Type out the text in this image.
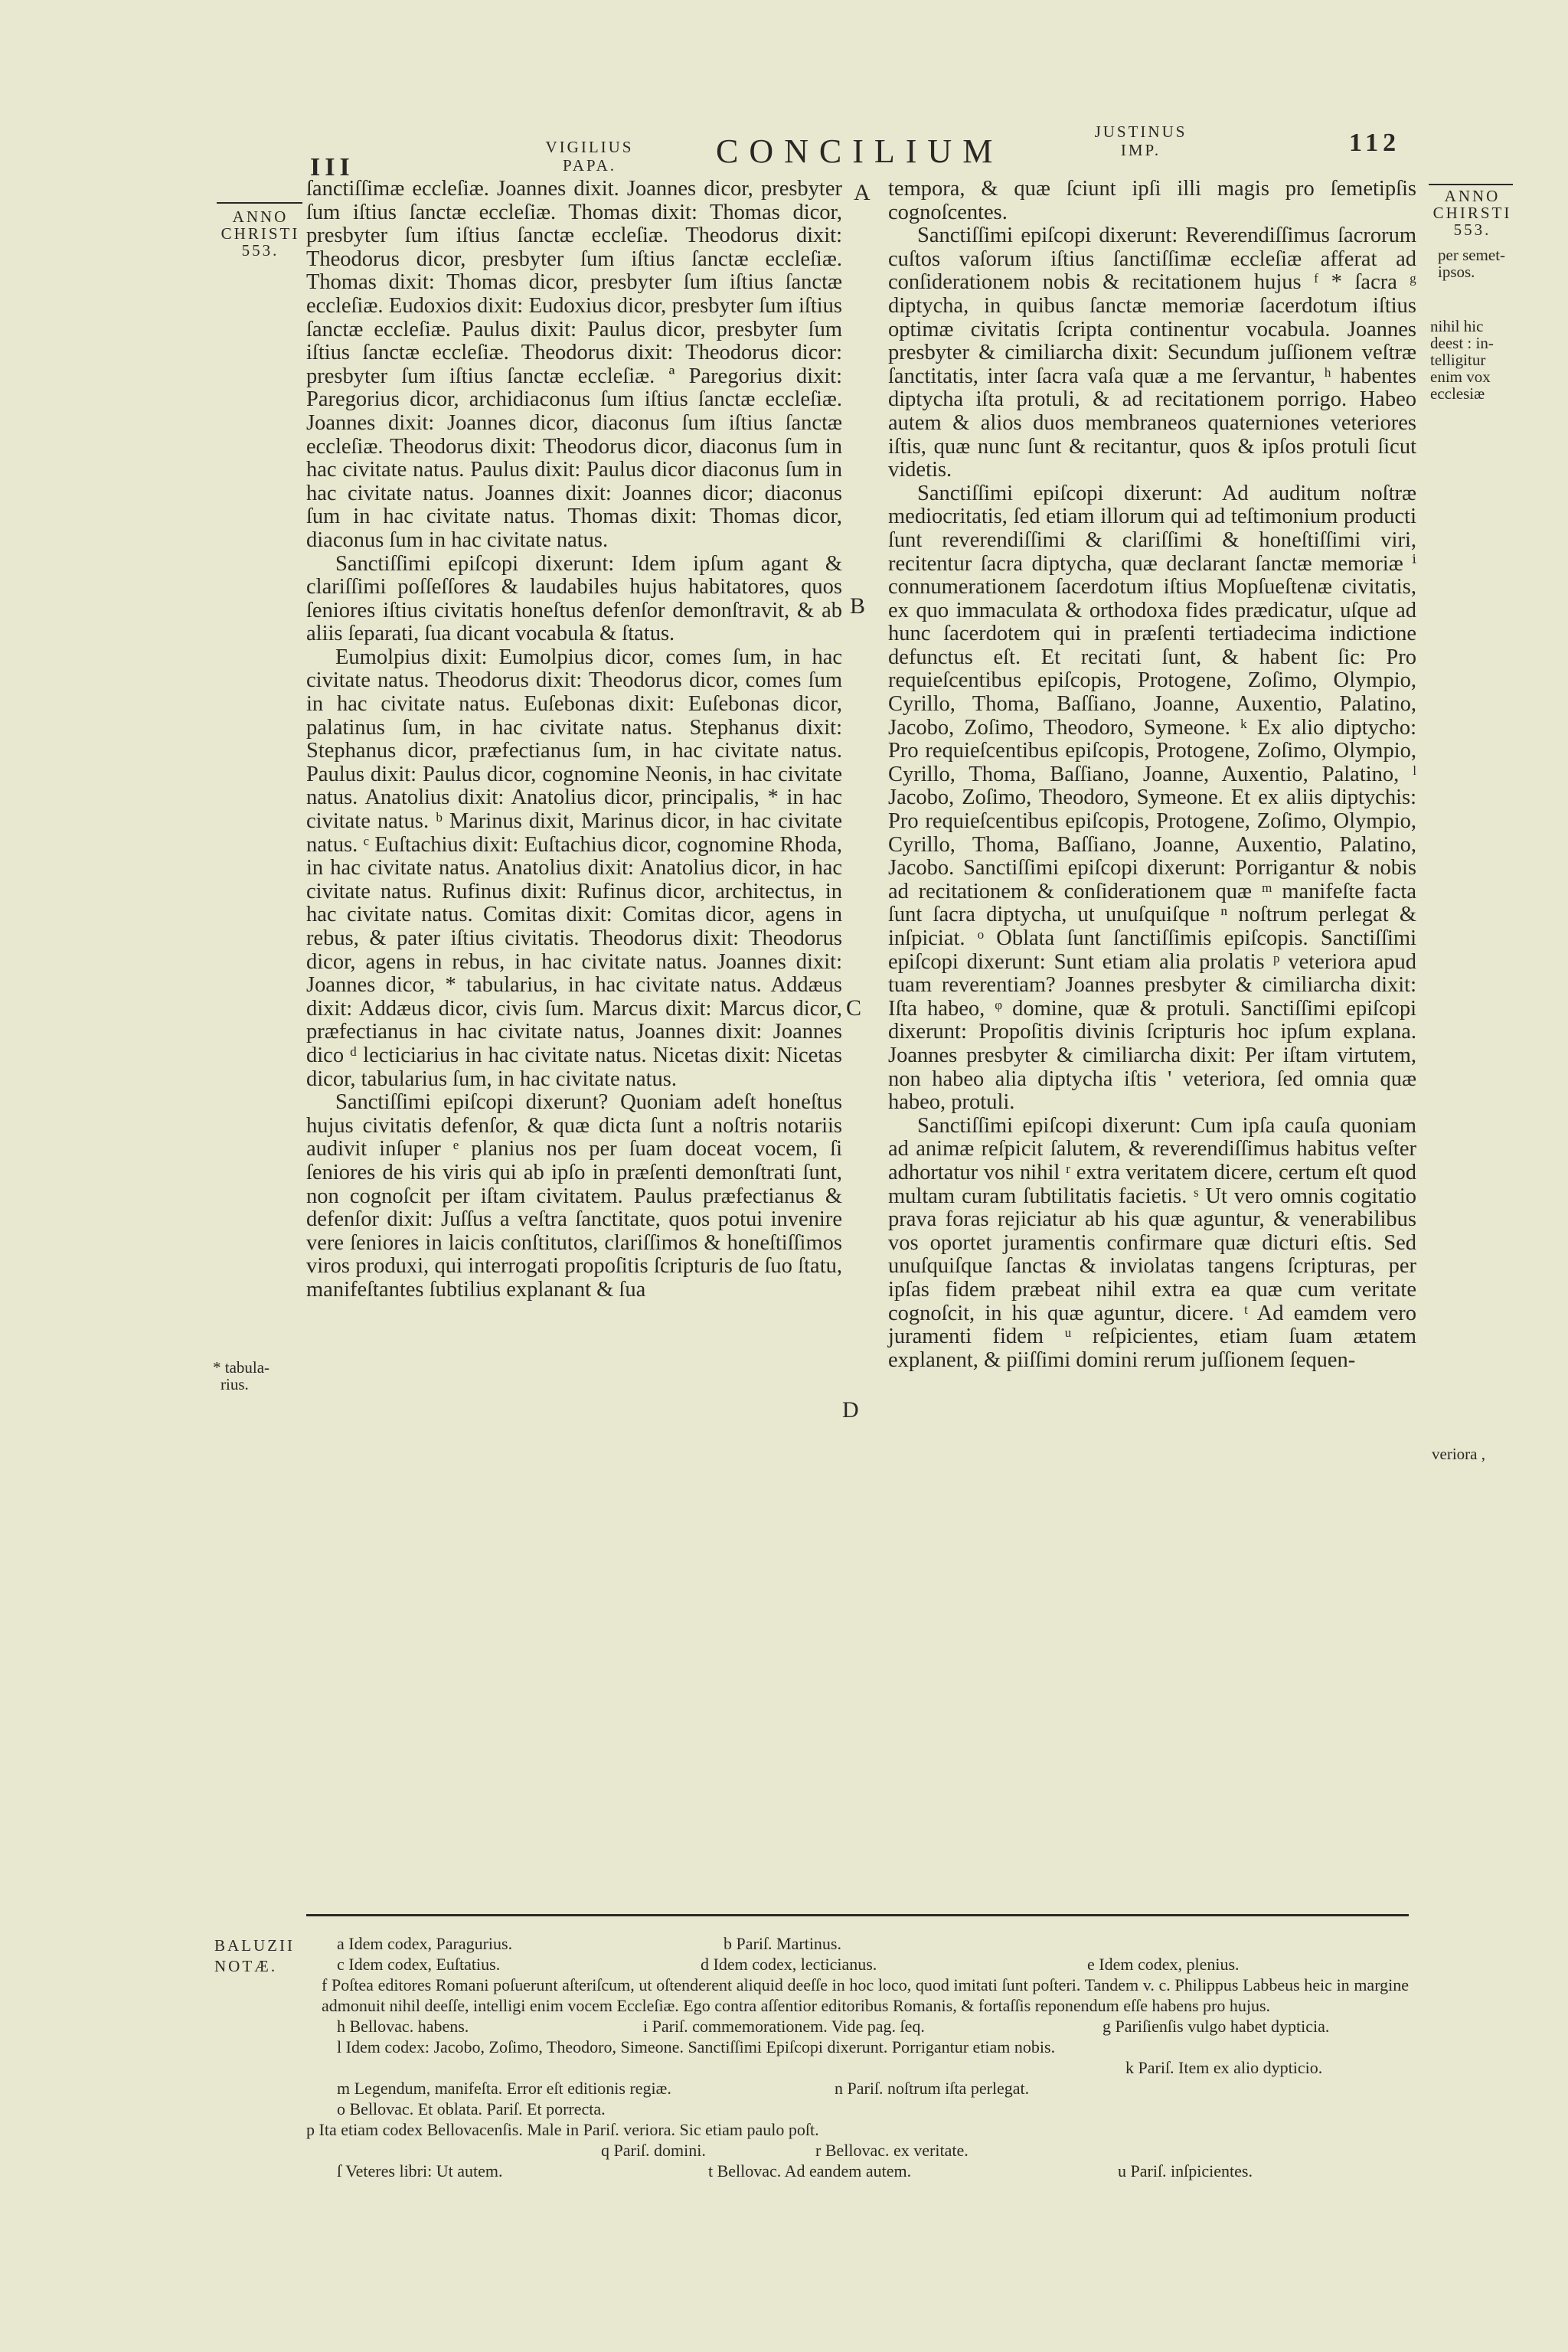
III
VIGILIUS
PAPA.	CONCILIUM
JUSTINUS
IMP.	112
ANNO
CHRISTI
553.
* tabula-
rius.
A
B
C
D

ſanctiſſimæ eccleſiæ. Joannes dixit. Joannes dicor, presbyter ſum iſtius ſanctæ eccleſiæ. Thomas dixit: Thomas dicor, presbyter ſum iſtius ſanctæ eccleſiæ. Theodorus dixit: Theodorus dicor, presbyter ſum iſtius ſanctæ eccleſiæ. Thomas dixit: Thomas dicor, presbyter ſum iſtius ſanctæ eccleſiæ. Eudoxios dixit: Eudoxius dicor, presbyter ſum iſtius ſanctæ eccleſiæ. Paulus dixit: Paulus dicor, presbyter ſum iſtius ſanctæ eccleſiæ. Theodorus dixit: Theodorus dicor: presbyter ſum iſtius ſanctæ eccleſiæ. ª Paregorius dixit: Paregorius dicor, archidiaconus ſum iſtius ſanctæ eccleſiæ. Joannes dixit: Joannes dicor, diaconus ſum iſtius ſanctæ eccleſiæ. Theodorus dixit: Theodorus dicor, diaconus ſum in hac civitate natus. Paulus dixit: Paulus dicor diaconus ſum in hac civitate natus. Joannes dixit: Joannes dicor; diaconus ſum in hac civitate natus. Thomas dixit: Thomas dicor, diaconus ſum in hac civitate natus.

Sanctiſſimi epiſcopi dixerunt: Idem ipſum agant & clariſſimi poſſeſſores & laudabiles hujus habitatores, quos ſeniores iſtius civitatis honeſtus defenſor demonſtravit, & ab aliis ſeparati, ſua dicant vocabula & ſtatus.

Eumolpius dixit: Eumolpius dicor, comes ſum, in hac civitate natus. Theodorus dixit: Theodorus dicor, comes ſum in hac civitate natus. Euſebonas dixit: Euſebonas dicor, palatinus ſum, in hac civitate natus. Stephanus dixit: Stephanus dicor, præfectianus ſum, in hac civitate natus. Paulus dixit: Paulus dicor, cognomine Neonis, in hac civitate natus. Anatolius dixit: Anatolius dicor, principalis, * in hac civitate natus. ᵇ Marinus dixit, Marinus dicor, in hac civitate natus. ᶜ Euſtachius dixit: Euſtachius dicor, cognomine Rhoda, in hac civitate natus. Anatolius dixit: Anatolius dicor, in hac civitate natus. Rufinus dixit: Rufinus dicor, architectus, in hac civitate natus. Comitas dixit: Comitas dicor, agens in rebus, & pater iſtius civitatis. Theodorus dixit: Theodorus dicor, agens in rebus, in hac civitate natus. Joannes dixit: Joannes dicor, * tabularius, in hac civitate natus. Addæus dixit: Addæus dicor, civis ſum. Marcus dixit: Marcus dicor, præfectianus in hac civitate natus, Joannes dixit: Joannes dico ᵈ lecticiarius in hac civitate natus. Nicetas dixit: Nicetas dicor, tabularius ſum, in hac civitate natus.

Sanctiſſimi epiſcopi dixerunt? Quoniam adeſt honeſtus hujus civitatis defenſor, & quæ dicta ſunt a noſtris notariis audivit inſuper ᵉ planius nos per ſuam doceat vocem, ſi ſeniores de his viris qui ab ipſo in præſenti demonſtrati ſunt, non cognoſcit per iſtam civitatem. Paulus præfectianus & defenſor dixit: Juſſus a veſtra ſanctitate, quos potui invenire vere ſeniores in laicis conſtitutos, clariſſimos & honeſtiſſimos viros produxi, qui interrogati propoſitis ſcripturis de ſuo ſtatu, manifeſtantes ſubtilius explanant & ſua

tempora, & quæ ſciunt ipſi illi magis pro ſemetipſis cognoſcentes.

Sanctiſſimi epiſcopi dixerunt: Reverendiſſimus ſacrorum cuſtos vaſorum iſtius ſanctiſſimæ eccleſiæ afferat ad conſiderationem nobis & recitationem hujus ᶠ * ſacra ᵍ diptycha, in quibus ſanctæ memoriæ ſacerdotum iſtius optimæ civitatis ſcripta continentur vocabula. Joannes presbyter & cimiliarcha dixit: Secundum juſſionem veſtræ ſanctitatis, inter ſacra vaſa quæ a me ſervantur, ʰ habentes diptycha iſta protuli, & ad recitationem porrigo. Habeo autem & alios duos membraneos quaterniones veteriores iſtis, quæ nunc ſunt & recitantur, quos & ipſos protuli ſicut videtis.

Sanctiſſimi epiſcopi dixerunt: Ad auditum noſtræ mediocritatis, ſed etiam illorum qui ad teſtimonium producti ſunt reverendiſſimi & clariſſimi & honeſtiſſimi viri, recitentur ſacra diptycha, quæ declarant ſanctæ memoriæ ⁱ connumerationem ſacerdotum iſtius Mopſueſtenæ civitatis, ex quo immaculata & orthodoxa fides prædicatur, uſque ad hunc ſacerdotem qui in præſenti tertiadecima indictione defunctus eſt. Et recitati ſunt, & habent ſic: Pro requieſcentibus epiſcopis, Protogene, Zoſimo, Olympio, Cyrillo, Thoma, Baſſiano, Joanne, Auxentio, Palatino, Jacobo, Zoſimo, Theodoro, Symeone. ᵏ Ex alio diptycho: Pro requieſcentibus epiſcopis, Protogene, Zoſimo, Olympio, Cyrillo, Thoma, Baſſiano, Joanne, Auxentio, Palatino, ˡ Jacobo, Zoſimo, Theodoro, Symeone. Et ex aliis diptychis: Pro requieſcentibus epiſcopis, Protogene, Zoſimo, Olympio, Cyrillo, Thoma, Baſſiano, Joanne, Auxentio, Palatino, Jacobo. Sanctiſſimi epiſcopi dixerunt: Porrigantur & nobis ad recitationem & conſiderationem quæ ᵐ manifeſte facta ſunt ſacra diptycha, ut unuſquiſque ⁿ noſtrum perlegat & inſpiciat. ᵒ Oblata ſunt ſanctiſſimis epiſcopis. Sanctiſſimi epiſcopi dixerunt: Sunt etiam alia prolatis ᵖ veteriora apud tuam reverentiam? Joannes presbyter & cimiliarcha dixit: Iſta habeo, ᵠ domine, quæ & protuli. Sanctiſſimi epiſcopi dixerunt: Propoſitis divinis ſcripturis hoc ipſum explana. Joannes presbyter & cimiliarcha dixit: Per iſtam virtutem, non habeo alia diptycha iſtis ' veteriora, ſed omnia quæ habeo, protuli.

Sanctiſſimi epiſcopi dixerunt: Cum ipſa cauſa quoniam ad animæ reſpicit ſalutem, & reverendiſſimus habitus veſter adhortatur vos nihil ʳ extra veritatem dicere, certum eſt quod multam curam ſubtilitatis facietis. ˢ Ut vero omnis cogitatio prava foras rejiciatur ab his quæ aguntur, & venerabilibus vos oportet juramentis confirmare quæ dicturi eſtis. Sed unuſquiſque ſanctas & inviolatas tangens ſcripturas, per ipſas fidem præbeat nihil extra ea quæ cum veritate cognoſcit, in his quæ aguntur, dicere. ᵗ Ad eamdem vero juramenti fidem ᵘ reſpicientes, etiam ſuam ætatem explanent, & piiſſimi domini rerum juſſionem ſequen-

ANNO
CHIRSTI
553.
per semet-
ipsos.
nihil hic
deest : in-
telligitur
enim vox
ecclesiæ
veriora ,
BALUZII
NOTÆ.
a Idem codex, Paragurius.	b Pariſ. Martinus.
c Idem codex, Euſtatius.	d Idem codex, lecticianus.	e Idem codex, plenius.
f Poſtea editores Romani poſuerunt aſteriſcum, ut oſtenderent aliquid deeſſe in hoc loco, quod imitati ſunt poſteri. Tandem v. c. Philippus Labbeus heic in margine admonuit nihil deeſſe, intelligi enim vocem Eccleſiæ. Ego contra aſſentior editoribus Romanis, & fortaſſis reponendum eſſe habens pro hujus.
h Bellovac. habens.	i Pariſ. commemorationem. Vide pag. ſeq.	g Pariſienſis vulgo habet dypticia.
l Idem codex: Jacobo, Zoſimo, Theodoro, Simeone. Sanctiſſimi Epiſcopi dixerunt. Porrigantur etiam nobis.
k Pariſ. Item ex alio dypticio.
m Legendum, manifeſta. Error eſt editionis regiæ.	n Pariſ. noſtrum iſta perlegat.
o Bellovac. Et oblata. Pariſ. Et porrecta.
p Ita etiam codex Bellovacenſis. Male in Pariſ. veriora. Sic etiam paulo poſt.
q Pariſ. domini.	r Bellovac. ex veritate.
ſ Veteres libri: Ut autem.	t Bellovac. Ad eandem autem.	u Pariſ. inſpicientes.
